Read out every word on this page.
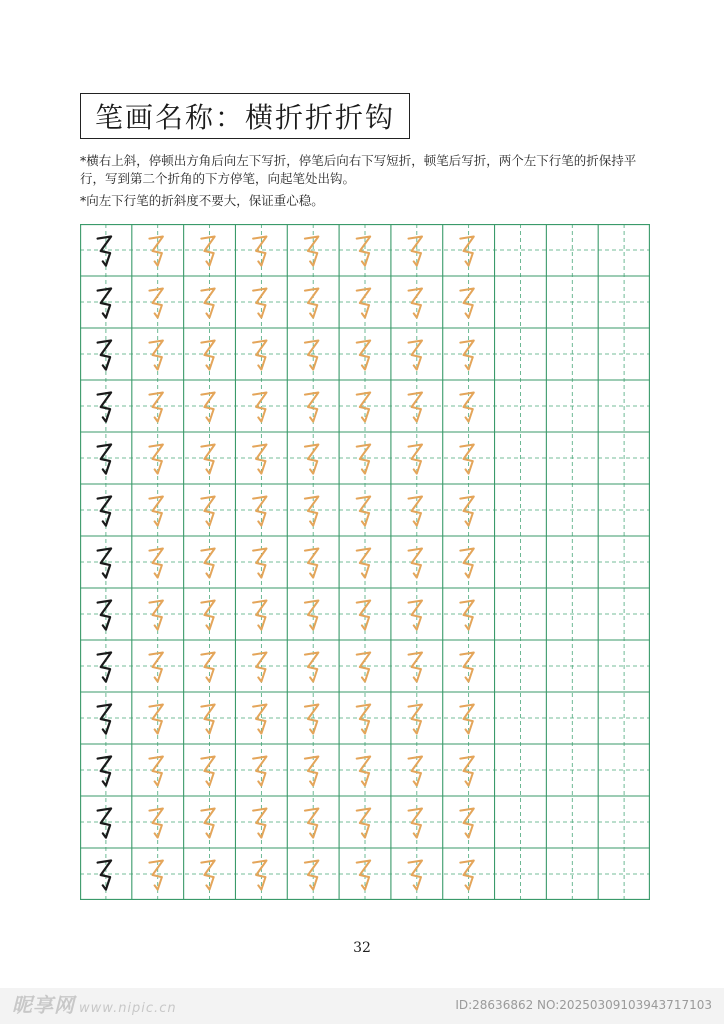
笔画名称：横折折折钩

*横右上斜，停顿出方角后向左下写折，停笔后向右下写短折，顿笔后写折，两个左下行笔的折保持平行，写到第二个折角的下方停笔，向起笔处出钩。

*向左下行笔的折斜度不要大，保证重心稳。

32
昵享网 www.nipic.cn	ID:28636862 NO:20250309103943717103
